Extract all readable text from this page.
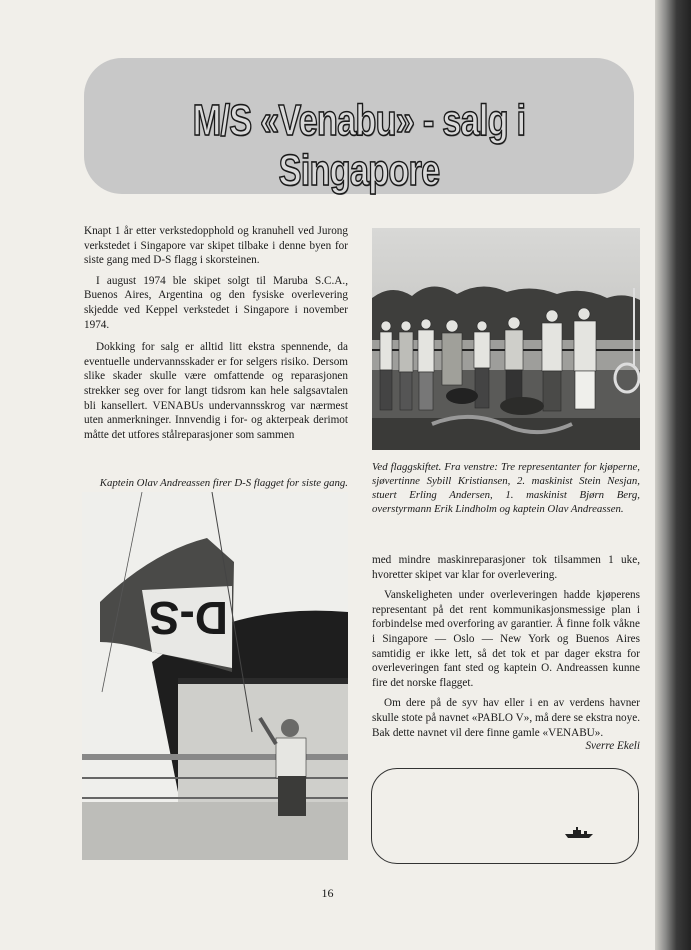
M/S «Venabu» - salg i Singapore

Knapt 1 år etter verkstedopphold og kranuhell ved Jurong verkstedet i Singapore var skipet tilbake i denne byen for siste gang med D-S flagg i skorsteinen.

I august 1974 ble skipet solgt til Maruba S.C.A., Buenos Aires, Argentina og den fysiske overlevering skjedde ved Keppel verkstedet i Singapore i november 1974.

Dokking for salg er alltid litt ekstra spennende, da eventuelle undervannsskader er for selgers risiko. Dersom slike skader skulle være omfattende og reparasjonen strekker seg over for langt tidsrom kan hele salgsavtalen bli kansellert. VENABUs undervannsskrog var nærmest uten anmerkninger. Innvendig i for- og akterpeak derimot måtte det utfores stålreparasjoner som sammen

Ved flaggskiftet. Fra venstre: Tre representanter for kjøperne, sjøvertinne Sybill Kristiansen, 2. maskinist Stein Nesjan, stuert Erling Andersen, 1. maskinist Bjørn Berg, overstyrmann Erik Lindholm og kaptein Olav Andreassen.
Kaptein Olav Andreassen firer D-S flagget for siste gang.
D-S

med mindre maskinreparasjoner tok tilsammen 1 uke, hvoretter skipet var klar for overlevering.

Vanskeligheten under overleveringen hadde kjøperens representant på det rent kommunikasjonsmessige plan i forbindelse med overforing av garantier. Å finne folk våkne i Singapore — Oslo — New York og Buenos Aires samtidig er ikke lett, så det tok et par dager ekstra for overleveringen fant sted og kaptein O. Andreassen kunne fire det norske flagget.

Om dere på de syv hav eller i en av verdens havner skulle stote på navnet «PABLO V», må dere se ekstra noye. Bak dette navnet vil dere finne gamle «VENABU».

Sverre Ekeli
16
